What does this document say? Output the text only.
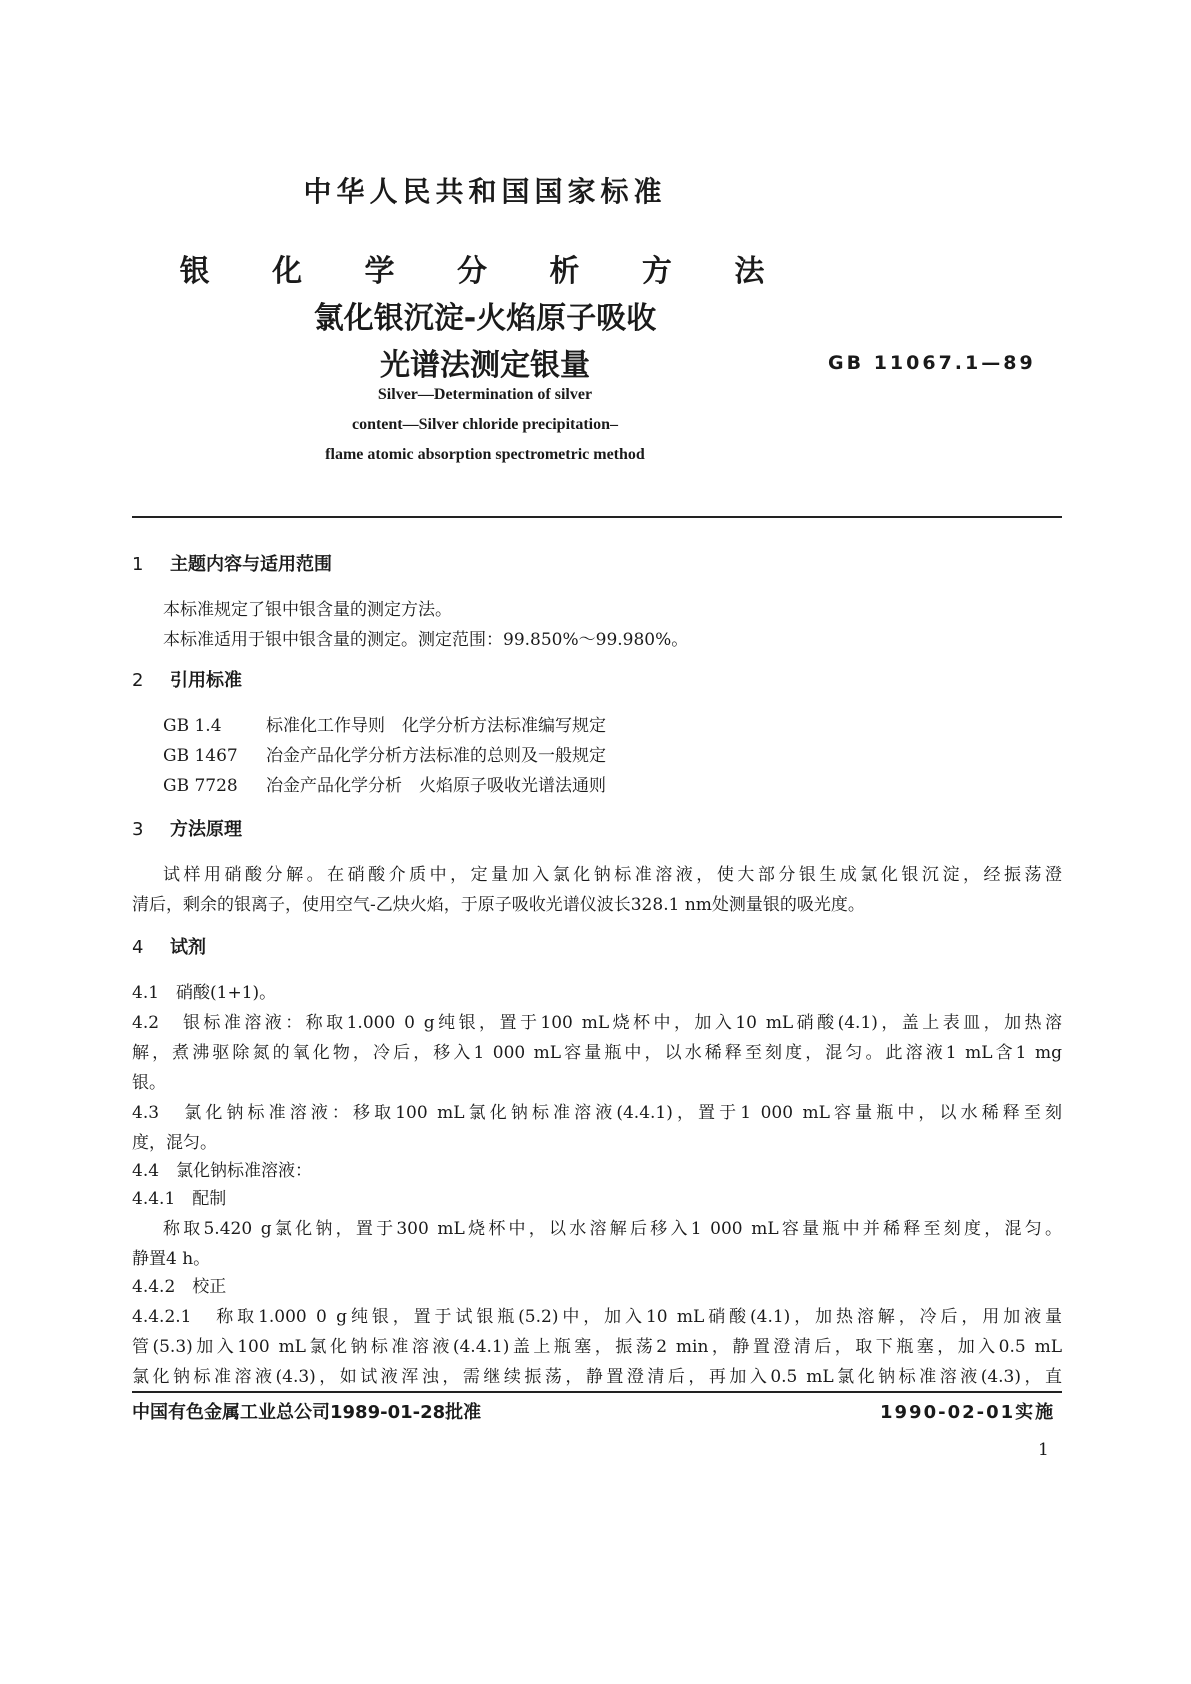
中华人民共和国国家标准
银 化 学 分 析 方 法
氯化银沉淀-火焰原子吸收
光谱法测定银量	GB 11067.1—89
Silver—Determination of silver
content—Silver chloride precipitation–
flame atomic absorption spectrometric method
1 主题内容与适用范围
本标准规定了银中银含量的测定方法。
本标准适用于银中银含量的测定。测定范围：99.850%～99.980%。
2 引用标准
GB 1.4	标准化工作导则　化学分析方法标准编写规定
GB 1467 冶金产品化学分析方法标准的总则及一般规定
GB 7728 冶金产品化学分析　火焰原子吸收光谱法通则
3 方法原理
试样用硝酸分解。在硝酸介质中，定量加入氯化钠标准溶液，使大部分银生成氯化银沉淀，经振荡澄
清后，剩余的银离子，使用空气-乙炔火焰，于原子吸收光谱仪波长328.1 nm处测量银的吸光度。
4 试剂
4.1　硝酸(1+1)。
4.2　银标准溶液：称取1.000 0 g纯银，置于100 mL烧杯中，加入10 mL硝酸(4.1)，盖上表皿，加热溶
解，煮沸驱除氮的氧化物，冷后，移入1 000 mL容量瓶中，以水稀释至刻度，混匀。此溶液1 mL含1 mg
银。
4.3　氯化钠标准溶液：移取100 mL氯化钠标准溶液(4.4.1)，置于1 000 mL容量瓶中，以水稀释至刻
度，混匀。
4.4　氯化钠标准溶液：
4.4.1　配制
称取5.420 g氯化钠，置于300 mL烧杯中，以水溶解后移入1 000 mL容量瓶中并稀释至刻度，混匀。
静置4 h。
4.4.2　校正
4.4.2.1　称取1.000 0 g纯银，置于试银瓶(5.2)中，加入10 mL硝酸(4.1)，加热溶解，冷后，用加液量
管(5.3)加入100 mL氯化钠标准溶液(4.4.1)盖上瓶塞，振荡2 min，静置澄清后，取下瓶塞，加入0.5 mL
氯化钠标准溶液(4.3)，如试液浑浊，需继续振荡，静置澄清后，再加入0.5 mL氯化钠标准溶液(4.3)，直
中国有色金属工业总公司1989-01-28批准	1990-02-01实施
1
